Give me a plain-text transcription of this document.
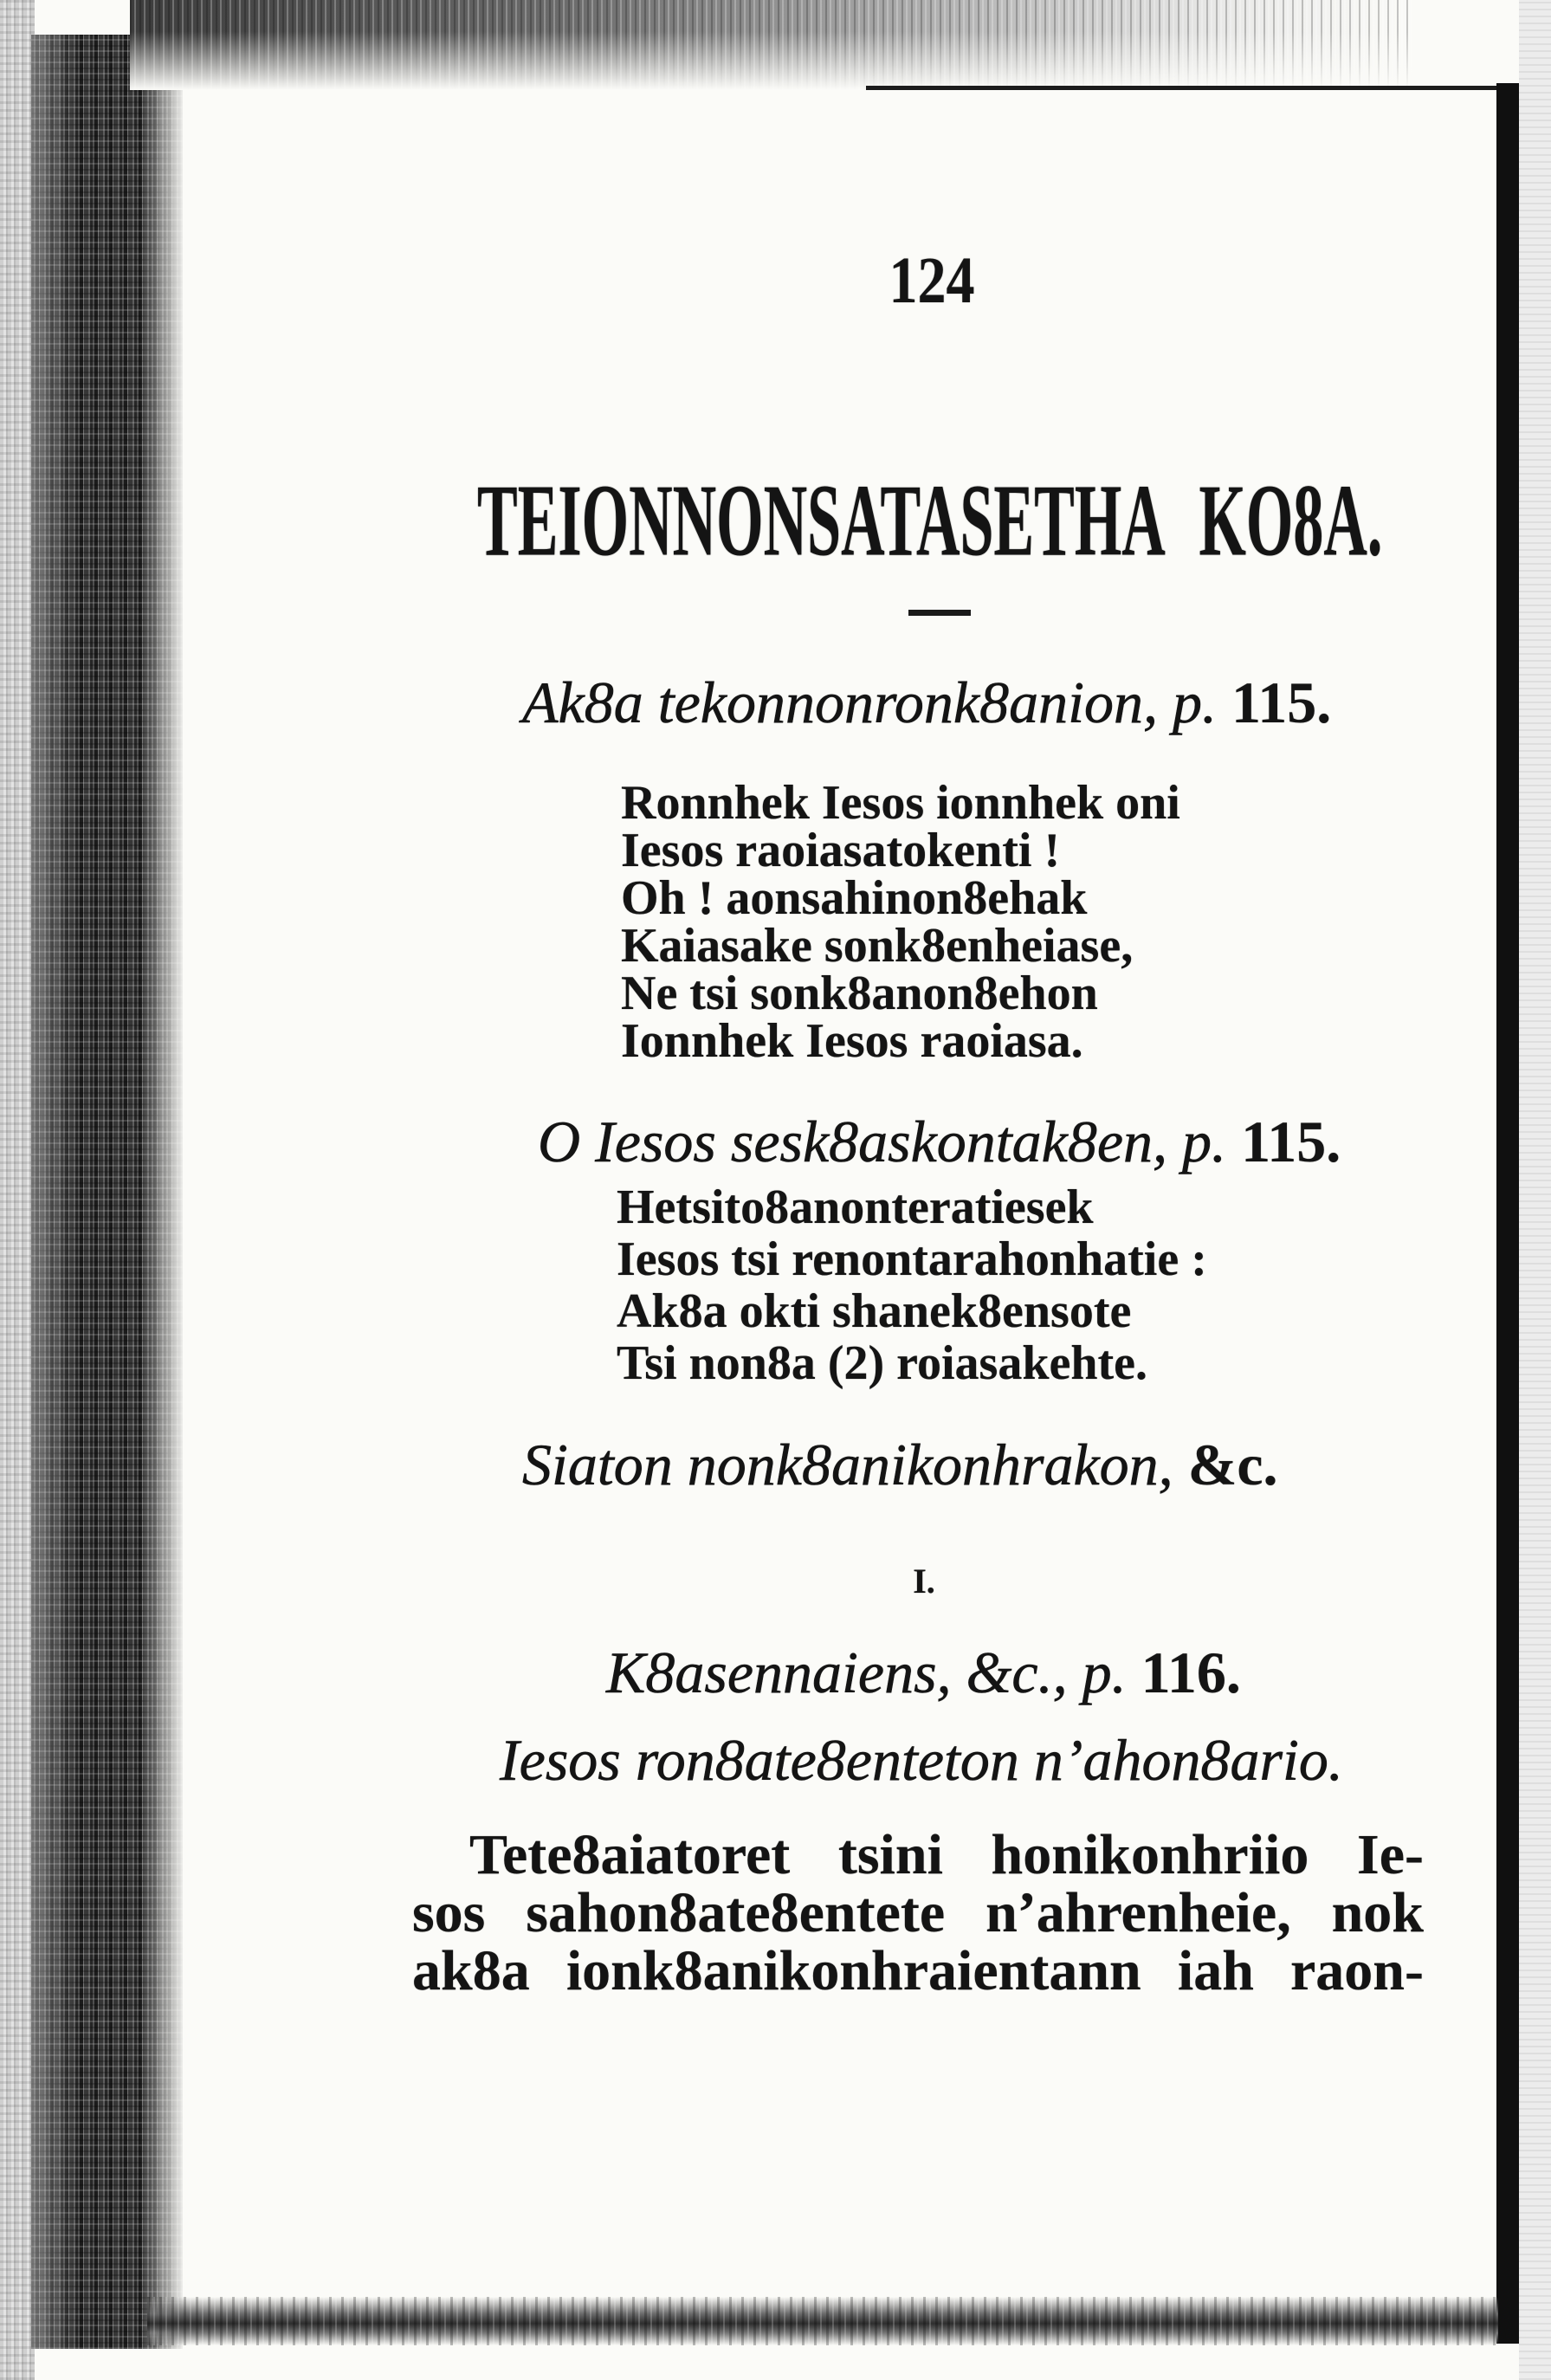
124
TEIONNONSATASETHA KO8A.
Ak8a tekonnonronk8anion, p. 115.
Ronnhek Iesos ionnhek oni
Iesos raoiasatokenti !
Oh ! aonsahinon8ehak
Kaiasake sonk8enheiase,
Ne tsi sonk8anon8ehon
Ionnhek Iesos raoiasa.
O Iesos sesk8askontak8en, p. 115.
Hetsito8anonteratiesek
Iesos tsi renontarahonhatie :
Ak8a okti shanek8ensote
Tsi non8a (2) roiasakehte.
Siaton nonk8anikonhrakon, &c.
I.
K8asennaiens, &c., p. 116.
Iesos ron8ate8enteton n’ahon8ario.
Tete8aiatoret tsini honikonhriio Ie-
sos sahon8ate8entete n’ahrenheie, nok
ak8a ionk8anikonhraientann iah raon-
